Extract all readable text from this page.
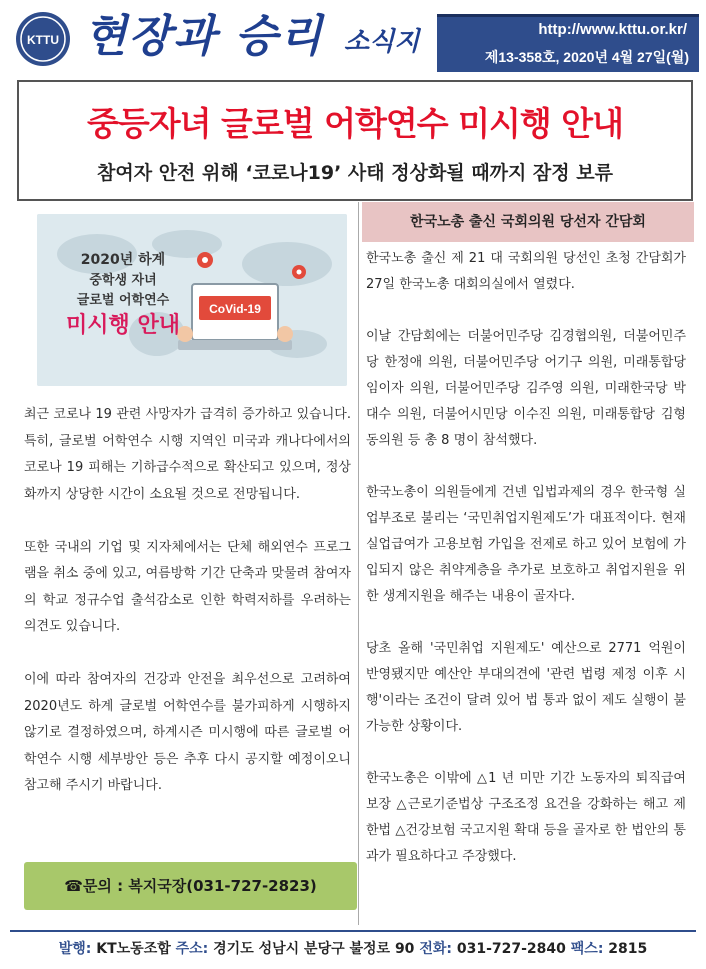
KTTU 현장과 승리 소식지	http://www.kttu.or.kr/
제13-358호, 2020년 4월 27일(월)
중등자녀 글로벌 어학연수 미시행 안내
참여자 안전 위해 ‘코로나19’ 사태 정상화될 때까지 잠정 보류
CoVid-19
2020년 하계
중학생 자녀
글로벌 어학연수
미시행 안내

최근 코로나 19 관련 사망자가 급격히 증가하고 있습니다. 특히, 글로벌 어학연수 시행 지역인 미국과 캐나다에서의 코로나 19 피해는 기하급수적으로 확산되고 있으며, 정상화까지 상당한 시간이 소요될 것으로 전망됩니다.

또한 국내의 기업 및 지자체에서는 단체 해외연수 프로그램을 취소 중에 있고, 여름방학 기간 단축과 맞물려 참여자의 학교 정규수업 출석감소로 인한 학력저하를 우려하는 의견도 있습니다.

이에 따라 참여자의 건강과 안전을 최우선으로 고려하여 2020년도 하계 글로벌 어학연수를 불가피하게 시행하지 않기로 결정하였으며, 하계시즌 미시행에 따른 글로벌 어학연수 시행 세부방안 등은 추후 다시 공지할 예정이오니 참고해 주시기 바랍니다.

☎문의 : 복지국장(031-727-2823)
한국노총 출신 국회의원 당선자 간담회

한국노총 출신 제 21 대 국회의원 당선인 초청 간담회가 27일 한국노총 대회의실에서 열렸다.

이날 간담회에는 더불어민주당 김경협의원, 더불어민주당 한정애 의원, 더불어민주당 어기구 의원, 미래통합당 임이자 의원, 더불어민주당 김주영 의원, 미래한국당 박대수 의원, 더불어시민당 이수진 의원, 미래통합당 김형동의원 등 총 8 명이 참석했다.

한국노총이 의원들에게 건넨 입법과제의 경우 한국형 실업부조로 불리는 ‘국민취업지원제도’가 대표적이다. 현재 실업급여가 고용보험 가입을 전제로 하고 있어 보험에 가입되지 않은 취약계층을 추가로 보호하고 취업지원을 위한 생계지원을 해주는 내용이 골자다.

당초 올해 '국민취업 지원제도' 예산으로 2771 억원이 반영됐지만 예산안 부대의견에 '관련 법령 제정 이후 시행'이라는 조건이 달려 있어 법 통과 없이 제도 실행이 불가능한 상황이다.

한국노총은 이밖에 △1 년 미만 기간 노동자의 퇴직급여 보장 △근로기준법상 구조조정 요건을 강화하는 해고 제한법 △건강보험 국고지원 확대 등을 골자로 한 법안의 통과가 필요하다고 주장했다.

발행: KT노동조합 주소: 경기도 성남시 분당구 불정로 90 전화: 031-727-2840 팩스: 2815
